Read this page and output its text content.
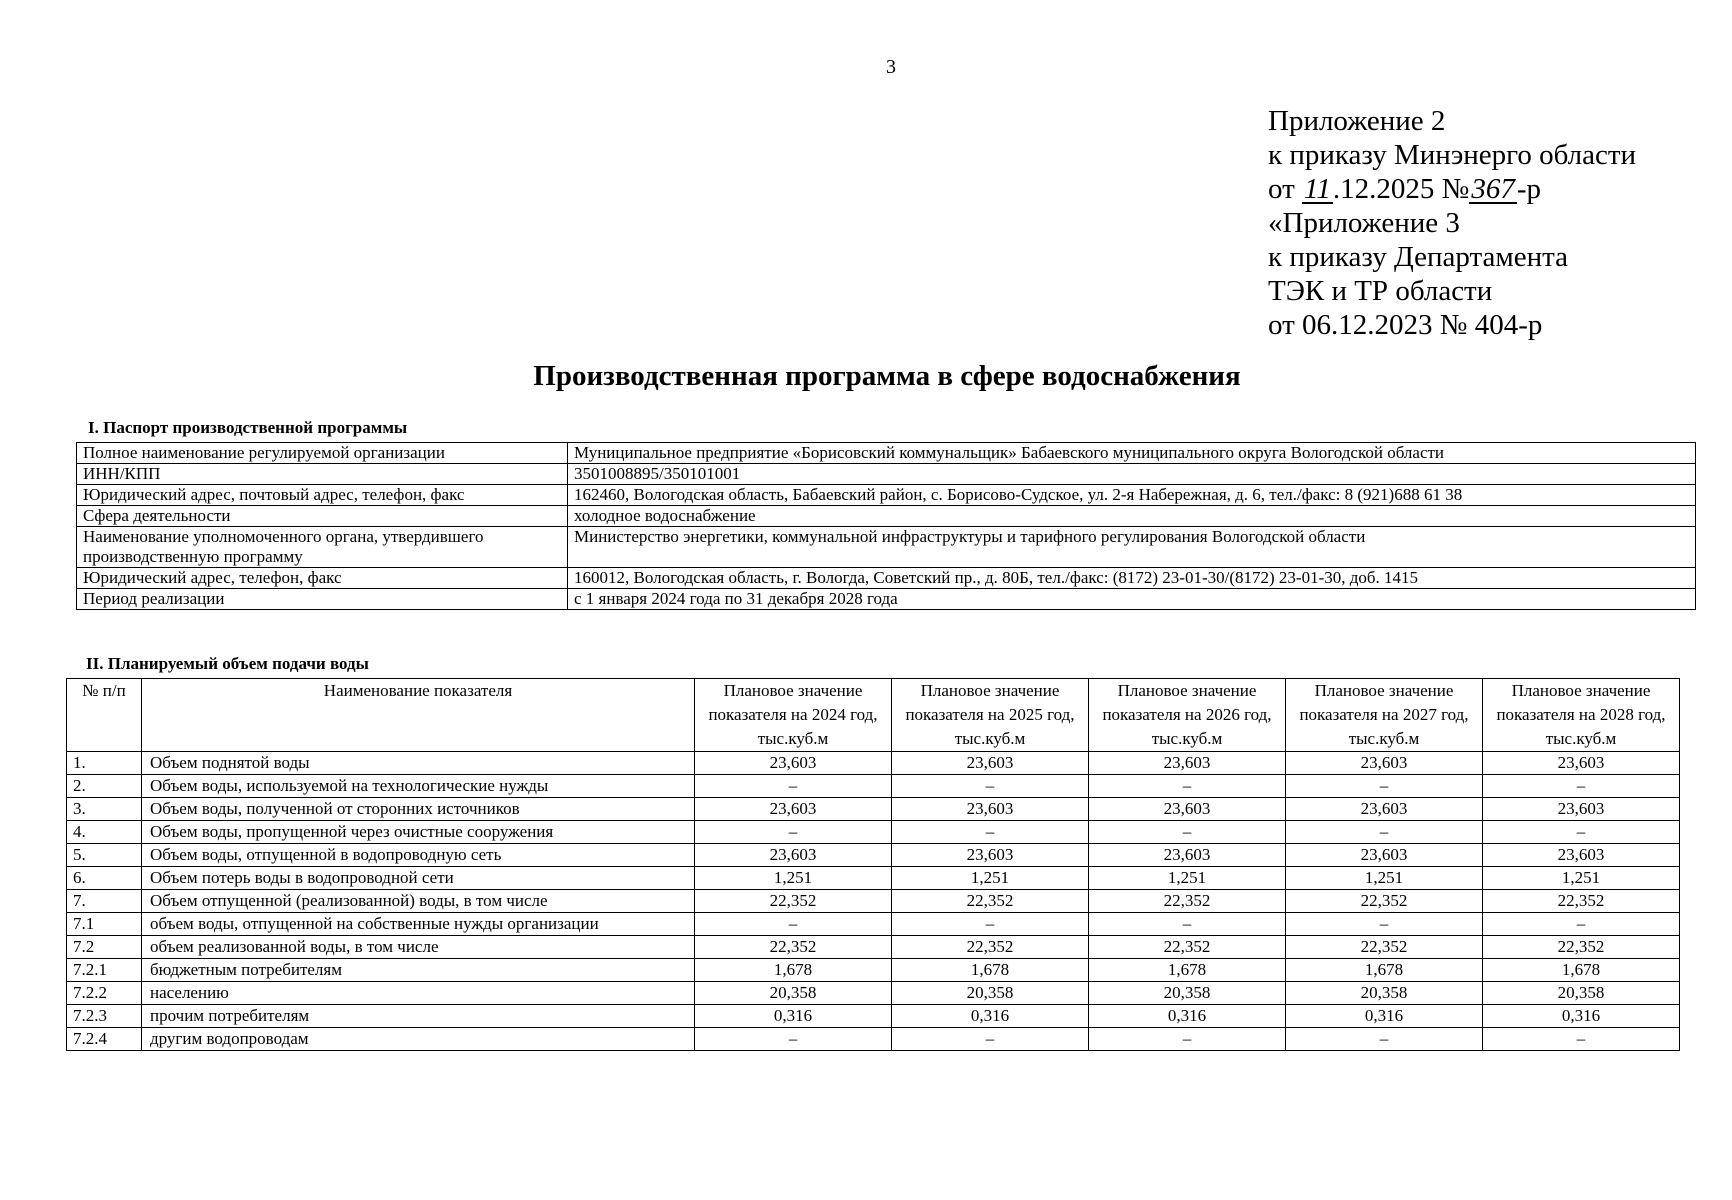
3
Приложение 2
к приказу Минэнерго области
от 11.12.2025 №367-р
«Приложение 3
к приказу Департамента
ТЭК и ТР области
от 06.12.2023 № 404-р
Производственная программа в сфере водоснабжения
I. Паспорт производственной программы
Полное наименование регулируемой организации	Муниципальное предприятие «Борисовский коммунальщик» Бабаевского муниципального округа Вологодской области
ИНН/КПП	3501008895/350101001
Юридический адрес, почтовый адрес, телефон, факс	162460, Вологодская область, Бабаевский район, с. Борисово-Судское, ул. 2-я Набережная, д. 6, тел./факс: 8 (921)688 61 38
Сфера деятельности	холодное водоснабжение
Наименование уполномоченного органа, утвердившего производственную программу	Министерство энергетики, коммунальной инфраструктуры и тарифного регулирования Вологодской области
Юридический адрес, телефон, факс	160012, Вологодская область, г. Вологда, Советский пр., д. 80Б, тел./факс: (8172) 23-01-30/(8172) 23-01-30, доб. 1415
Период реализации	с 1 января 2024 года по 31 декабря 2028 года
II. Планируемый объем подачи воды
№ п/п	Наименование показателя	Плановое значение показателя на 2024 год, тыс.куб.м	Плановое значение показателя на 2025 год, тыс.куб.м	Плановое значение показателя на 2026 год, тыс.куб.м	Плановое значение показателя на 2027 год, тыс.куб.м	Плановое значение показателя на 2028 год, тыс.куб.м
1.	Объем поднятой воды	23,603	23,603	23,603	23,603	23,603
2.	Объем воды, используемой на технологические нужды	–	–	–	–	–
3.	Объем воды, полученной от сторонних источников	23,603	23,603	23,603	23,603	23,603
4.	Объем воды, пропущенной через очистные сооружения	–	–	–	–	–
5.	Объем воды, отпущенной в водопроводную сеть	23,603	23,603	23,603	23,603	23,603
6.	Объем потерь воды в водопроводной сети	1,251	1,251	1,251	1,251	1,251
7.	Объем отпущенной (реализованной) воды, в том числе	22,352	22,352	22,352	22,352	22,352
7.1	объем воды, отпущенной на собственные нужды организации	–	–	–	–	–
7.2	объем реализованной воды, в том числе	22,352	22,352	22,352	22,352	22,352
7.2.1	бюджетным потребителям	1,678	1,678	1,678	1,678	1,678
7.2.2	населению	20,358	20,358	20,358	20,358	20,358
7.2.3	прочим потребителям	0,316	0,316	0,316	0,316	0,316
7.2.4	другим водопроводам	–	–	–	–	–
